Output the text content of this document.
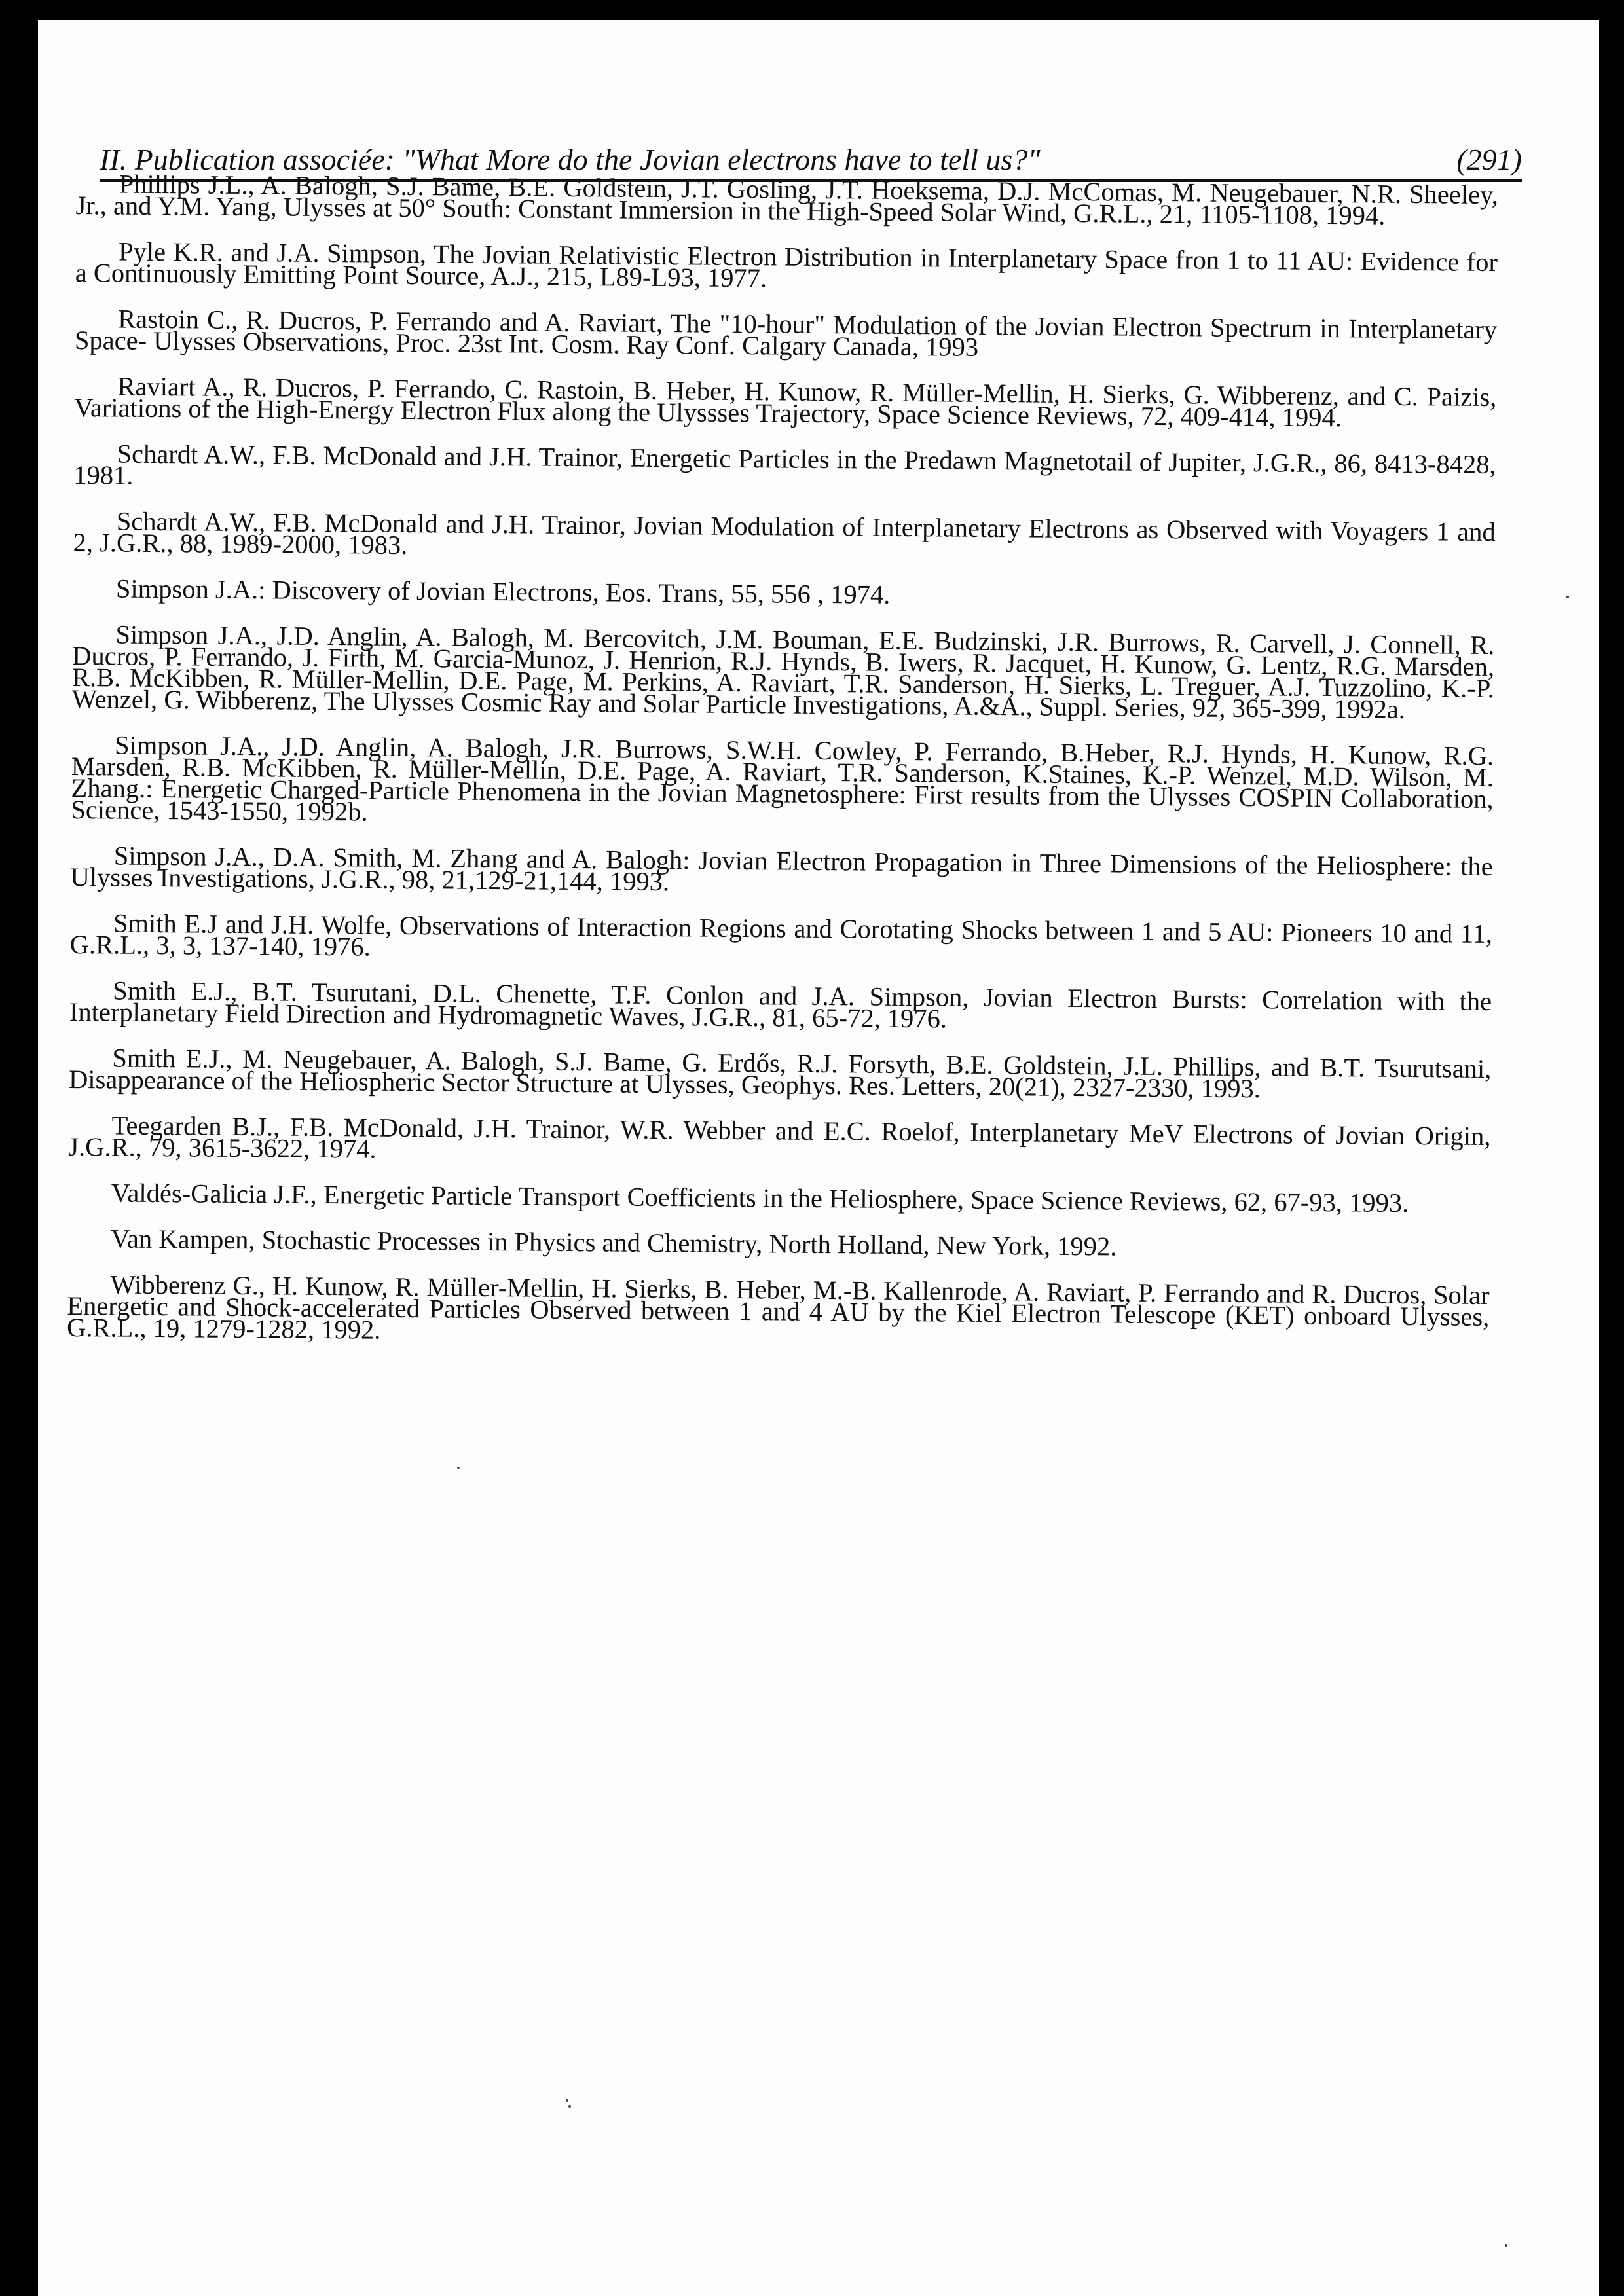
II. Publication associée: "What More do the Jovian electrons have to tell us?"	(291)

Phillips J.L., A. Balogh, S.J. Bame, B.E. Goldstein, J.T. Gosling, J.T. Hoeksema, D.J. McComas, M. Neugebauer, N.R. Sheeley, Jr., and Y.M. Yang, Ulysses at 50° South: Constant Immersion in the High-Speed Solar Wind, G.R.L., 21, 1105-1108, 1994.

Pyle K.R. and J.A. Simpson, The Jovian Relativistic Electron Distribution in Interplanetary Space fron 1 to 11 AU: Evidence for a Continuously Emitting Point Source, A.J., 215, L89-L93, 1977.

Rastoin C., R. Ducros, P. Ferrando and A. Raviart, The "10-hour" Modulation of the Jovian Electron Spectrum in Interplanetary Space- Ulysses Observations, Proc. 23st Int. Cosm. Ray Conf. Calgary Canada, 1993

Raviart A., R. Ducros, P. Ferrando, C. Rastoin, B. Heber, H. Kunow, R. Müller-Mellin, H. Sierks, G. Wibberenz, and C. Paizis, Variations of the High-Energy Electron Flux along the Ulyssses Trajectory, Space Science Reviews, 72, 409-414, 1994.

Schardt A.W., F.B. McDonald and J.H. Trainor, Energetic Particles in the Predawn Magnetotail of Jupiter, J.G.R., 86, 8413-8428, 1981.

Schardt A.W., F.B. McDonald and J.H. Trainor, Jovian Modulation of Interplanetary Electrons as Observed with Voyagers 1 and 2, J.G.R., 88, 1989-2000, 1983.

Simpson J.A.: Discovery of Jovian Electrons, Eos. Trans, 55, 556 , 1974.

Simpson J.A., J.D. Anglin, A. Balogh, M. Bercovitch, J.M. Bouman, E.E. Budzinski, J.R. Burrows, R. Carvell, J. Connell, R. Ducros, P. Ferrando, J. Firth, M. Garcia-Munoz, J. Henrion, R.J. Hynds, B. Iwers, R. Jacquet, H. Kunow, G. Lentz, R.G. Marsden, R.B. McKibben, R. Müller-Mellin, D.E. Page, M. Perkins, A. Raviart, T.R. Sanderson, H. Sierks, L. Treguer, A.J. Tuzzolino, K.-P. Wenzel, G. Wibberenz, The Ulysses Cosmic Ray and Solar Particle Investigations, A.&A., Suppl. Series, 92, 365-399, 1992a.

Simpson J.A., J.D. Anglin, A. Balogh, J.R. Burrows, S.W.H. Cowley, P. Ferrando, B.Heber, R.J. Hynds, H. Kunow, R.G. Marsden, R.B. McKibben, R. Müller-Mellin, D.E. Page, A. Raviart, T.R. Sanderson, K.Staines, K.-P. Wenzel, M.D. Wilson, M. Zhang.: Energetic Charged-Particle Phenomena in the Jovian Magnetosphere: First results from the Ulysses COSPIN Collaboration, Science, 1543-1550, 1992b.

Simpson J.A., D.A. Smith, M. Zhang and A. Balogh: Jovian Electron Propagation in Three Dimensions of the Heliosphere: the Ulysses Investigations, J.G.R., 98, 21,129-21,144, 1993.

Smith E.J and J.H. Wolfe, Observations of Interaction Regions and Corotating Shocks between 1 and 5 AU: Pioneers 10 and 11, G.R.L., 3, 3, 137-140, 1976.

Smith E.J., B.T. Tsurutani, D.L. Chenette, T.F. Conlon and J.A. Simpson, Jovian Electron Bursts: Correlation with the Interplanetary Field Direction and Hydromagnetic Waves, J.G.R., 81, 65-72, 1976.

Smith E.J., M. Neugebauer, A. Balogh, S.J. Bame, G. Erdős, R.J. Forsyth, B.E. Goldstein, J.L. Phillips, and B.T. Tsurutsani, Disappearance of the Heliospheric Sector Structure at Ulysses, Geophys. Res. Letters, 20(21), 2327-2330, 1993.

Teegarden B.J., F.B. McDonald, J.H. Trainor, W.R. Webber and E.C. Roelof, Interplanetary MeV Electrons of Jovian Origin, J.G.R., 79, 3615-3622, 1974.

Valdés-Galicia J.F., Energetic Particle Transport Coefficients in the Heliosphere, Space Science Reviews, 62, 67-93, 1993.

Van Kampen, Stochastic Processes in Physics and Chemistry, North Holland, New York, 1992.

Wibberenz G., H. Kunow, R. Müller-Mellin, H. Sierks, B. Heber, M.-B. Kallenrode, A. Raviart, P. Ferrando and R. Ducros, Solar Energetic and Shock-accelerated Particles Observed between 1 and 4 AU by the Kiel Electron Telescope (KET) onboard Ulysses, G.R.L., 19, 1279-1282, 1992.
